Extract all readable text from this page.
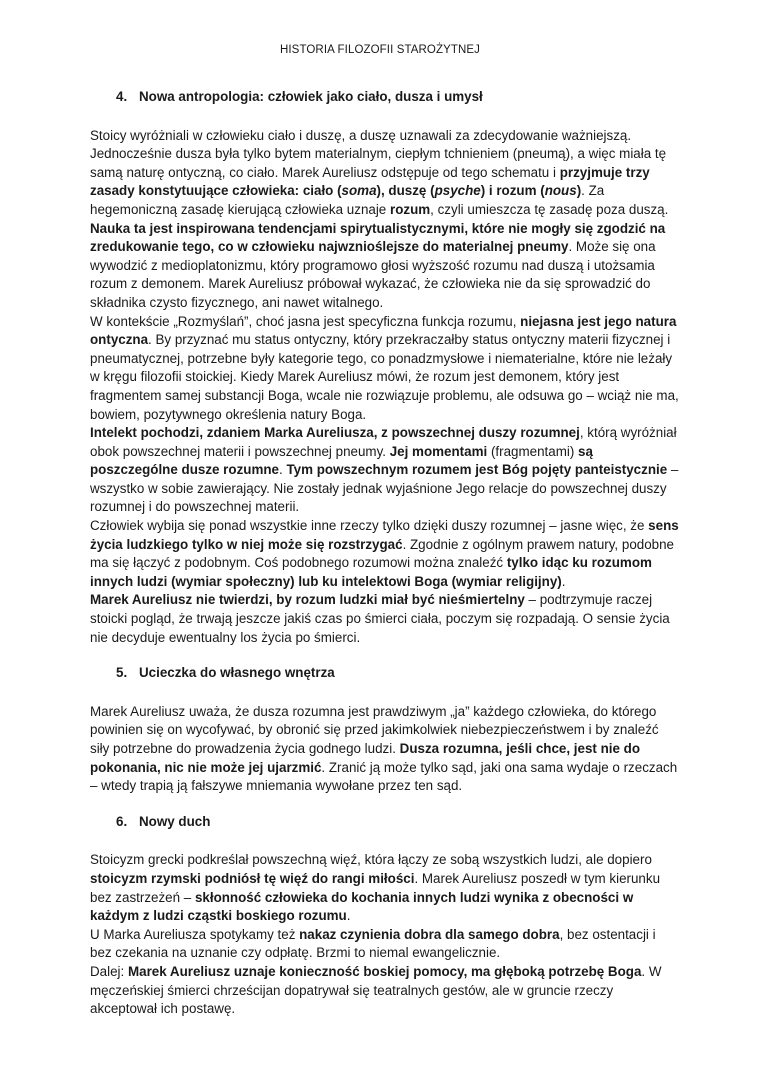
HISTORIA FILOZOFII STAROŻYTNEJ
4. Nowa antropologia: człowiek jako ciało, dusza i umysł

Stoicy wyróżniali w człowieku ciało i duszę, a duszę uznawali za zdecydowanie ważniejszą. Jednocześnie dusza była tylko bytem materialnym, ciepłym tchnieniem (pneumą), a więc miała tę samą naturę ontyczną, co ciało. Marek Aureliusz odstępuje od tego schematu i przyjmuje trzy zasady konstytuujące człowieka: ciało (soma), duszę (psyche) i rozum (nous). Za hegemoniczną zasadę kierującą człowieka uznaje rozum, czyli umieszcza tę zasadę poza duszą.

Nauka ta jest inspirowana tendencjami spirytualistycznymi, które nie mogły się zgodzić na zredukowanie tego, co w człowieku najwznioślejsze do materialnej pneumy. Może się ona wywodzić z mediоplatonizmu, który programowo głosi wyższość rozumu nad duszą i utożsamia rozum z demonem. Marek Aureliusz próbował wykazać, że człowieka nie da się sprowadzić do składnika czysto fizycznego, ani nawet witalnego.

W kontekście „Rozmyślań”, choć jasna jest specyficzna funkcja rozumu, niejasna jest jego natura ontyczna. By przyznać mu status ontyczny, który przekraczałby status ontyczny materii fizycznej i pneumatycznej, potrzebne były kategorie tego, co ponadzmysłowe i niematerialne, które nie leżały w kręgu filozofii stoickiej. Kiedy Marek Aureliusz mówi, że rozum jest demonem, który jest fragmentem samej substancji Boga, wcale nie rozwiązuje problemu, ale odsuwa go – wciąż nie ma, bowiem, pozytywnego określenia natury Boga.

Intelekt pochodzi, zdaniem Marka Aureliusza, z powszechnej duszy rozumnej, którą wyróżniał obok powszechnej materii i powszechnej pneumy. Jej momentami (fragmentami) są poszczególne dusze rozumne. Tym powszechnym rozumem jest Bóg pojęty panteistycznie – wszystko w sobie zawierający. Nie zostały jednak wyjaśnione Jego relacje do powszechnej duszy rozumnej i do powszechnej materii.

Człowiek wybija się ponad wszystkie inne rzeczy tylko dzięki duszy rozumnej – jasne więc, że sens życia ludzkiego tylko w niej może się rozstrzygać. Zgodnie z ogólnym prawem natury, podobne ma się łączyć z podobnym. Coś podobnego rozumowi można znaleźć tylko idąc ku rozumom innych ludzi (wymiar społeczny) lub ku intelektowi Boga (wymiar religijny).

Marek Aureliusz nie twierdzi, by rozum ludzki miał być nieśmiertelny – podtrzymuje raczej stoicki pogląd, że trwają jeszcze jakiś czas po śmierci ciała, poczym się rozpadają. O sensie życia nie decyduje ewentualny los życia po śmierci.

5. Ucieczka do własnego wnętrza

Marek Aureliusz uważa, że dusza rozumna jest prawdziwym „ja” każdego człowieka, do którego powinien się on wycofywać, by obronić się przed jakimkolwiek niebezpieczeństwem i by znaleźć siły potrzebne do prowadzenia życia godnego ludzi. Dusza rozumna, jeśli chce, jest nie do pokonania, nic nie może jej ujarzmić. Zranić ją może tylko sąd, jaki ona sama wydaje o rzeczach – wtedy trapią ją fałszywe mniemania wywołane przez ten sąd.

6. Nowy duch

Stoicyzm grecki podkreślał powszechną więź, która łączy ze sobą wszystkich ludzi, ale dopiero stoicyzm rzymski podniósł tę więź do rangi miłości. Marek Aureliusz poszedł w tym kierunku bez zastrzeżeń – skłonność człowieka do kochania innych ludzi wynika z obecności w każdym z ludzi cząstki boskiego rozumu.

U Marka Aureliusza spotykamy też nakaz czynienia dobra dla samego dobra, bez ostentacji i bez czekania na uznanie czy odpłatę. Brzmi to niemal ewangelicznie.

Dalej: Marek Aureliusz uznaje konieczność boskiej pomocy, ma głęboką potrzebę Boga. W męczeńskiej śmierci chrześcijan dopatrywał się teatralnych gestów, ale w gruncie rzeczy akceptował ich postawę.
